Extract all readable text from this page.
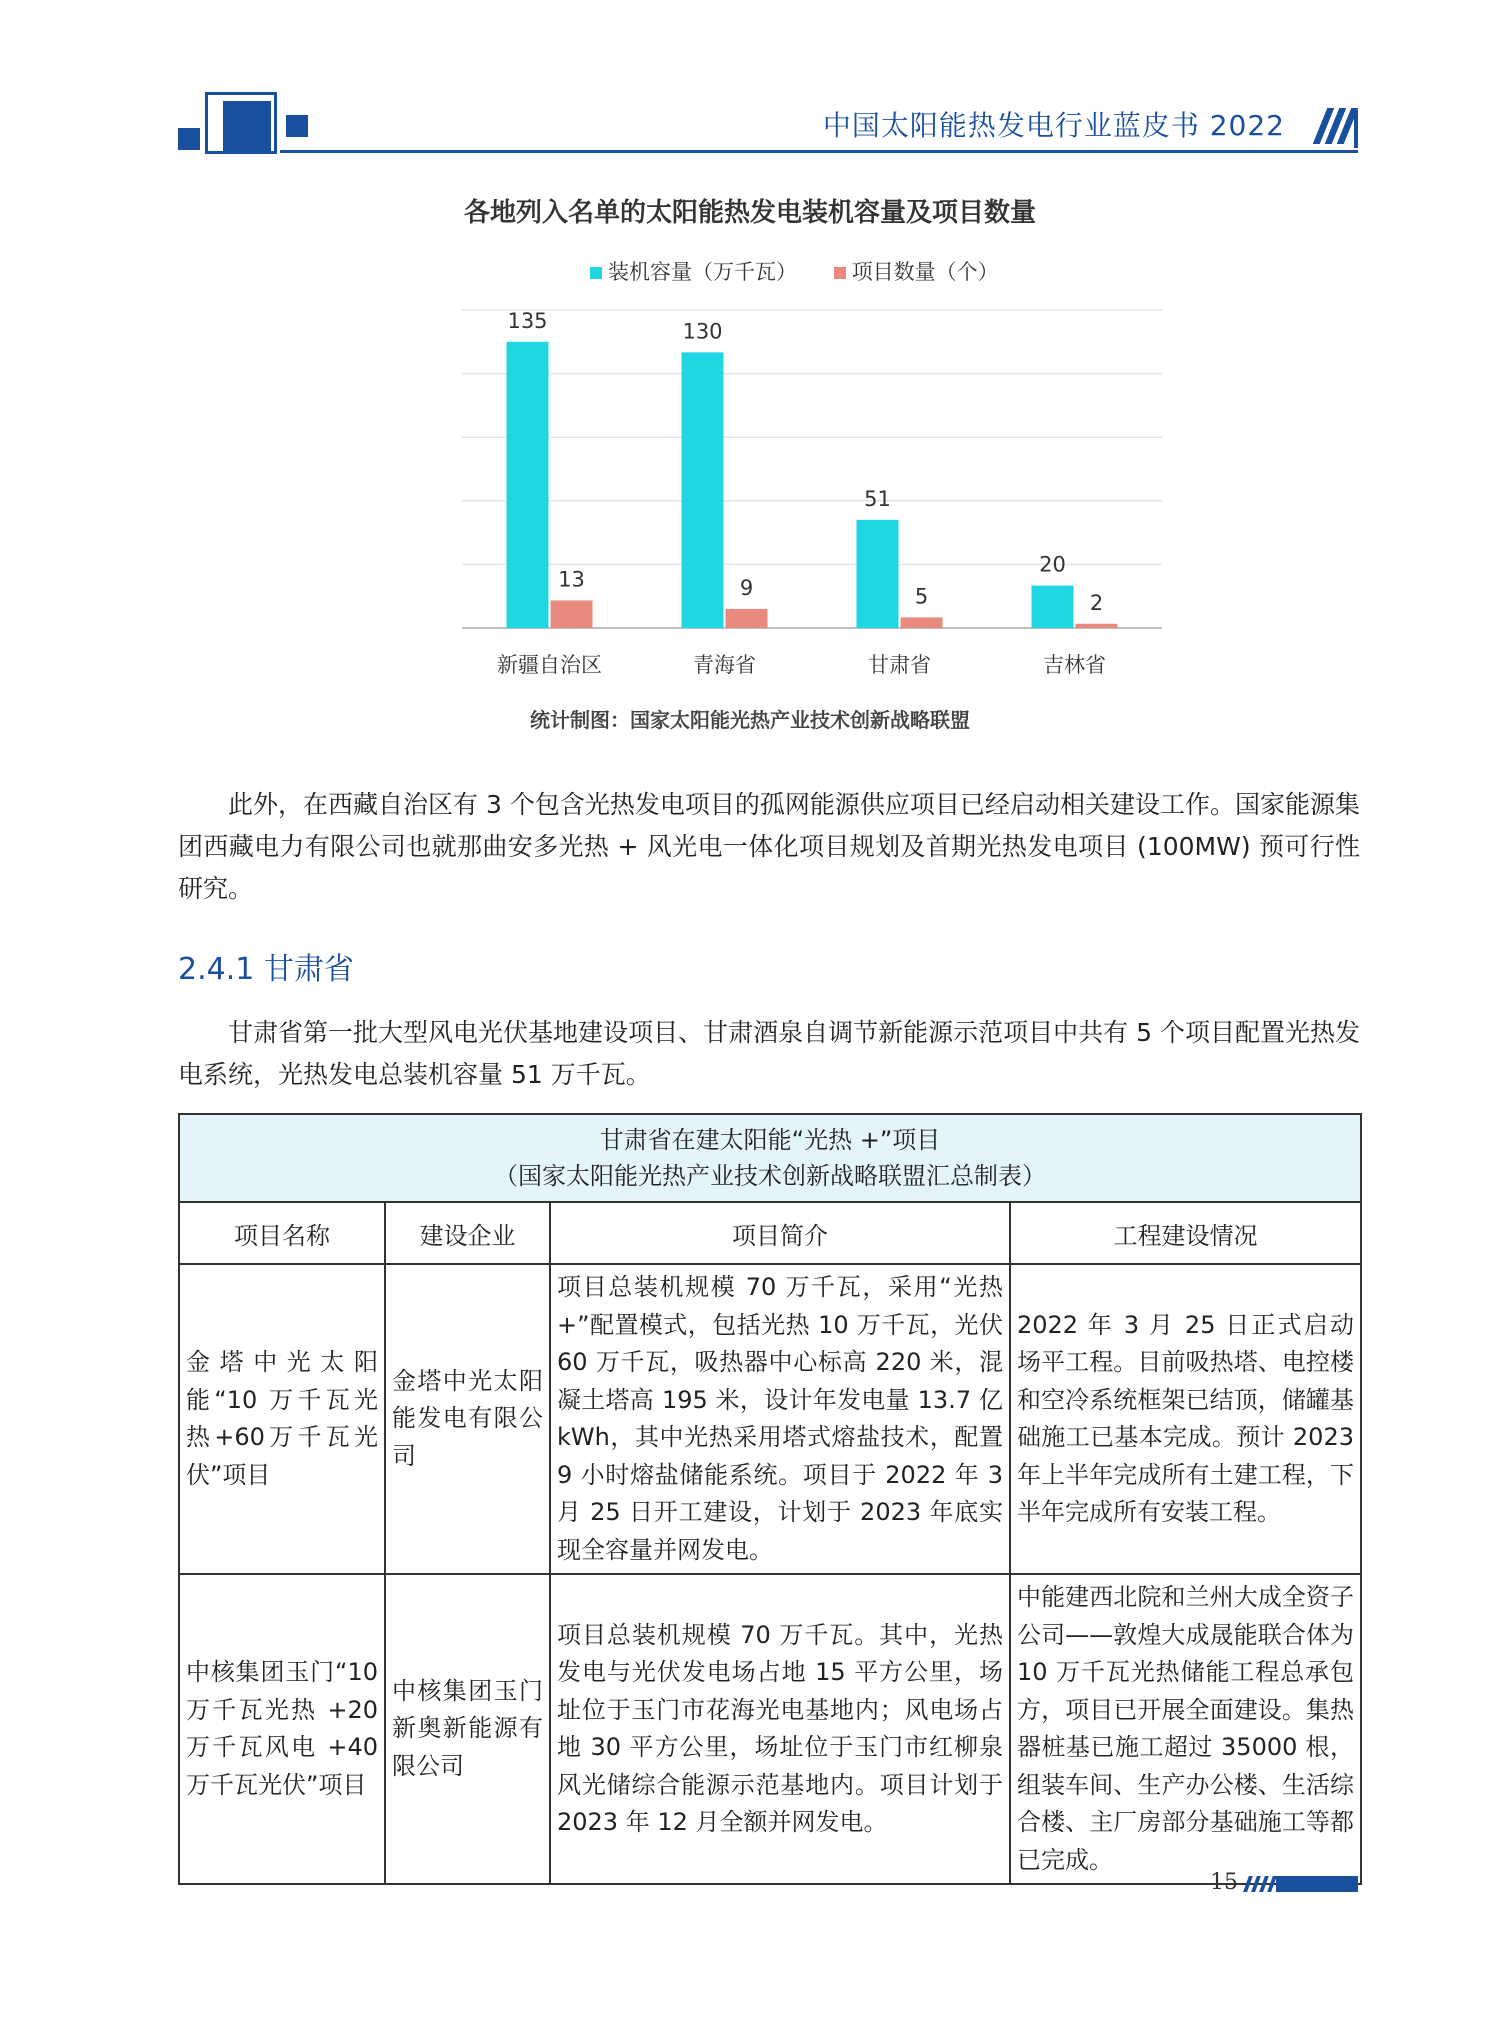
中国太阳能热发电行业蓝皮书 2022
各地列入名单的太阳能热发电装机容量及项目数量
装机容量（万千瓦）	项目数量（个）
135
13
新疆自治区
130
9
青海省
51
5
甘肃省
20
2
吉林省
统计制图：国家太阳能光热产业技术创新战略联盟
此外，在西藏自治区有 3 个包含光热发电项目的孤网能源供应项目已经启动相关建设工作。国家能源集团西藏电力有限公司也就那曲安多光热 + 风光电一体化项目规划及首期光热发电项目 (100MW) 预可行性研究。
2.4.1 甘肃省
甘肃省第一批大型风电光伏基地建设项目、甘肃酒泉自调节新能源示范项目中共有 5 个项目配置光热发电系统，光热发电总装机容量 51 万千瓦。
甘肃省在建太阳能“光热 +”项目
（国家太阳能光热产业技术创新战略联盟汇总制表）			

项目名称	建设企业	项目简介	工程建设情况
金塔中光太阳能“10 万千瓦光热+60万千瓦光伏”项目	金塔中光太阳能发电有限公司	项目总装机规模 70 万千瓦，采用“光热 +”配置模式，包括光热 10 万千瓦，光伏 60 万千瓦，吸热器中心标高 220 米，混凝土塔高 195 米，设计年发电量 13.7 亿 kWh，其中光热采用塔式熔盐技术，配置 9 小时熔盐储能系统。项目于 2022 年 3 月 25 日开工建设，计划于 2023 年底实现全容量并网发电。	2022 年 3 月 25 日正式启动场平工程。目前吸热塔、电控楼和空冷系统框架已结顶，储罐基础施工已基本完成。预计 2023 年上半年完成所有土建工程，下半年完成所有安装工程。
中核集团玉门“10 万千瓦光热 +20 万千瓦风电 +40 万千瓦光伏”项目	中核集团玉门新奥新能源有限公司	项目总装机规模 70 万千瓦。其中，光热发电与光伏发电场占地 15 平方公里，场址位于玉门市花海光电基地内；风电场占地 30 平方公里，场址位于玉门市红柳泉风光储综合能源示范基地内。项目计划于 2023 年 12 月全额并网发电。	中能建西北院和兰州大成全资子公司——敦煌大成晟能联合体为 10 万千瓦光热储能工程总承包方，项目已开展全面建设。集热器桩基已施工超过 35000 根，组装车间、生产办公楼、生活综合楼、主厂房部分基础施工等都已完成。
15
